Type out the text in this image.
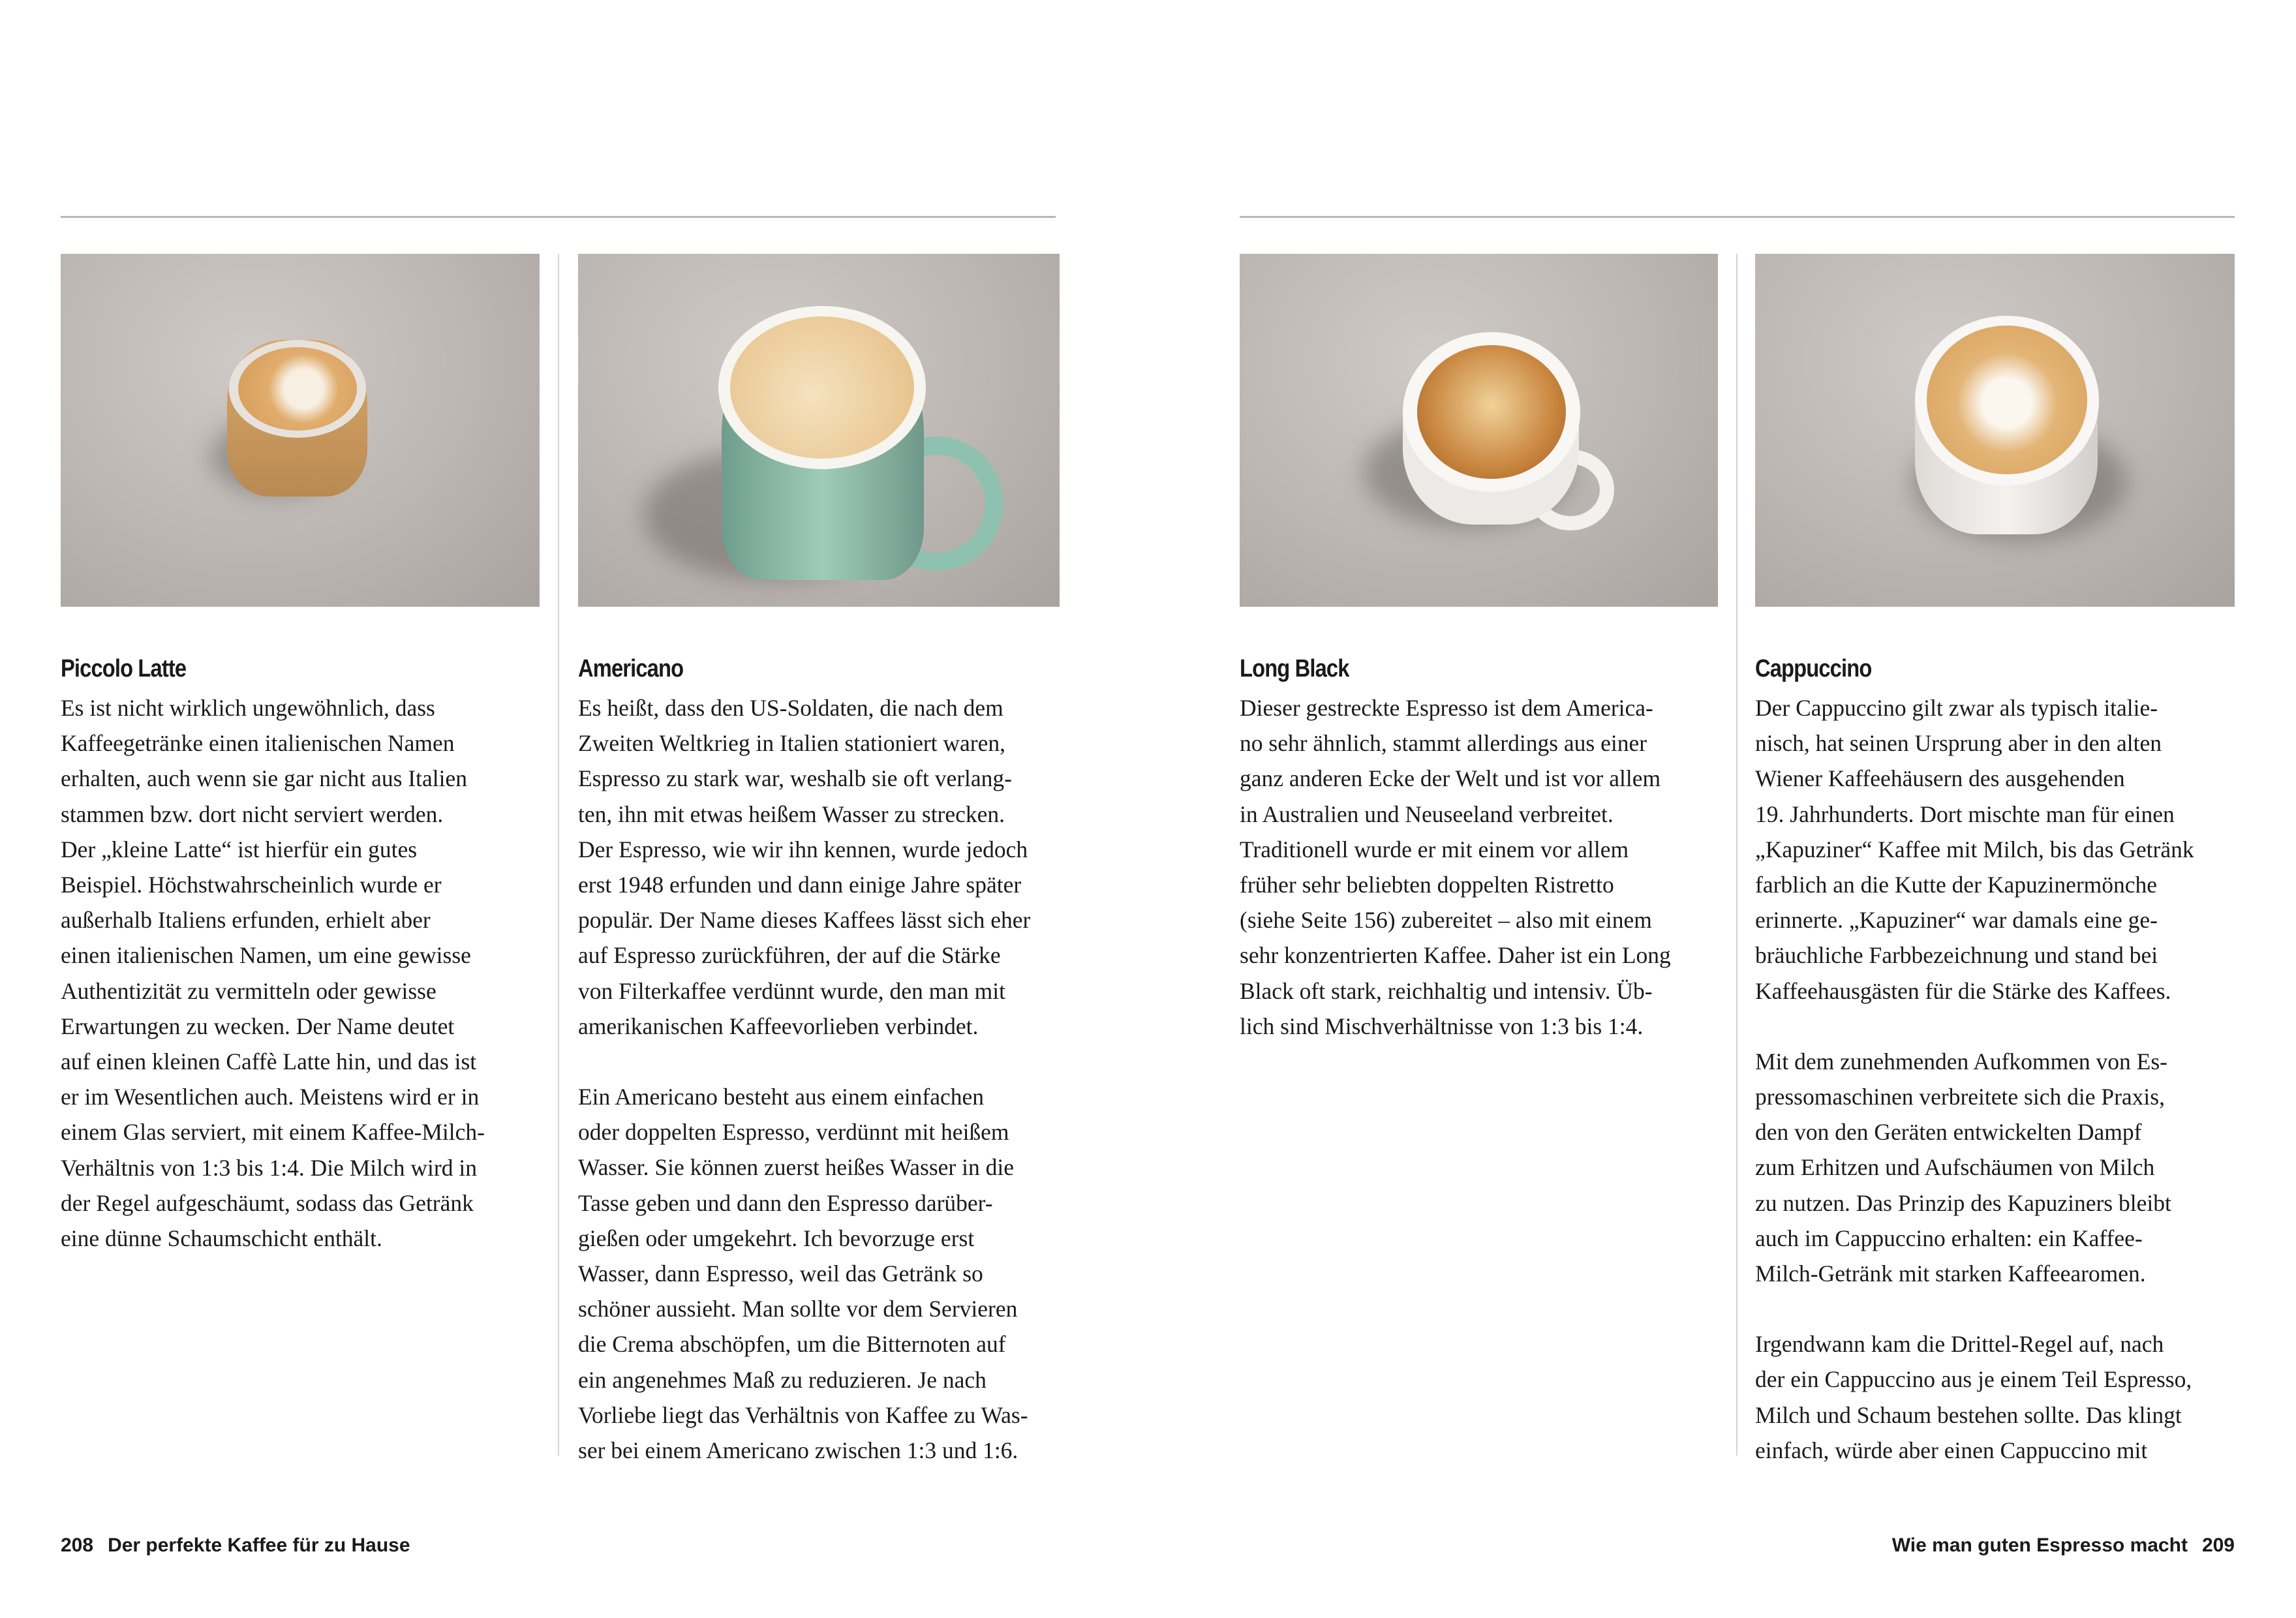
Piccolo Latte

Es ist nicht wirklich ungewöhnlich, dass
Kaffeegetränke einen italienischen Namen
erhalten, auch wenn sie gar nicht aus Italien
stammen bzw. dort nicht serviert werden.
Der „kleine Latte“ ist hierfür ein gutes
Beispiel. Höchstwahrscheinlich wurde er
außerhalb Italiens erfunden, erhielt aber
einen italienischen Namen, um eine gewisse
Authentizität zu vermitteln oder gewisse
Erwartungen zu wecken. Der Name deutet
auf einen kleinen Caffè Latte hin, und das ist
er im Wesentlichen auch. Meistens wird er in
einem Glas serviert, mit einem Kaffee-Milch-
Verhältnis von 1:3 bis 1:4. Die Milch wird in
der Regel aufgeschäumt, sodass das Getränk
eine dünne Schaumschicht enthält.

Americano

Es heißt, dass den US-Soldaten, die nach dem
Zweiten Weltkrieg in Italien stationiert waren,
Espresso zu stark war, weshalb sie oft verlang-
ten, ihn mit etwas heißem Wasser zu strecken.
Der Espresso, wie wir ihn kennen, wurde jedoch
erst 1948 erfunden und dann einige Jahre später
populär. Der Name dieses Kaffees lässt sich eher
auf Espresso zurückführen, der auf die Stärke
von Filterkaffee verdünnt wurde, den man mit
amerikanischen Kaffeevorlieben verbindet.

Ein Americano besteht aus einem einfachen
oder doppelten Espresso, verdünnt mit heißem
Wasser. Sie können zuerst heißes Wasser in die
Tasse geben und dann den Espresso darüber-
gießen oder umgekehrt. Ich bevorzuge erst
Wasser, dann Espresso, weil das Getränk so
schöner aussieht. Man sollte vor dem Servieren
die Crema abschöpfen, um die Bitternoten auf
ein angenehmes Maß zu reduzieren. Je nach
Vorliebe liegt das Verhältnis von Kaffee zu Was-
ser bei einem Americano zwischen 1:3 und 1:6.

Long Black

Dieser gestreckte Espresso ist dem America-
no sehr ähnlich, stammt allerdings aus einer
ganz anderen Ecke der Welt und ist vor allem
in Australien und Neuseeland verbreitet.
Traditionell wurde er mit einem vor allem
früher sehr beliebten doppelten Ristretto
(siehe Seite 156) zubereitet – also mit einem
sehr konzentrierten Kaffee. Daher ist ein Long
Black oft stark, reichhaltig und intensiv. Üb-
lich sind Mischverhältnisse von 1:3 bis 1:4.

Cappuccino

Der Cappuccino gilt zwar als typisch italie-
nisch, hat seinen Ursprung aber in den alten
Wiener Kaffeehäusern des ausgehenden
19. Jahrhunderts. Dort mischte man für einen
„Kapuziner“ Kaffee mit Milch, bis das Getränk
farblich an die Kutte der Kapuzinermönche
erinnerte. „Kapuziner“ war damals eine ge-
bräuchliche Farbbezeichnung und stand bei
Kaffeehausgästen für die Stärke des Kaffees.

Mit dem zunehmenden Aufkommen von Es-
pressomaschinen verbreitete sich die Praxis,
den von den Geräten entwickelten Dampf
zum Erhitzen und Aufschäumen von Milch
zu nutzen. Das Prinzip des Kapuziners bleibt
auch im Cappuccino erhalten: ein Kaffee-
Milch-Getränk mit starken Kaffeearomen.

Irgendwann kam die Drittel-Regel auf, nach
der ein Cappuccino aus je einem Teil Espresso,
Milch und Schaum bestehen sollte. Das klingt
einfach, würde aber einen Cappuccino mit

208 Der perfekte Kaffee für zu Hause	Wie man guten Espresso macht 209
